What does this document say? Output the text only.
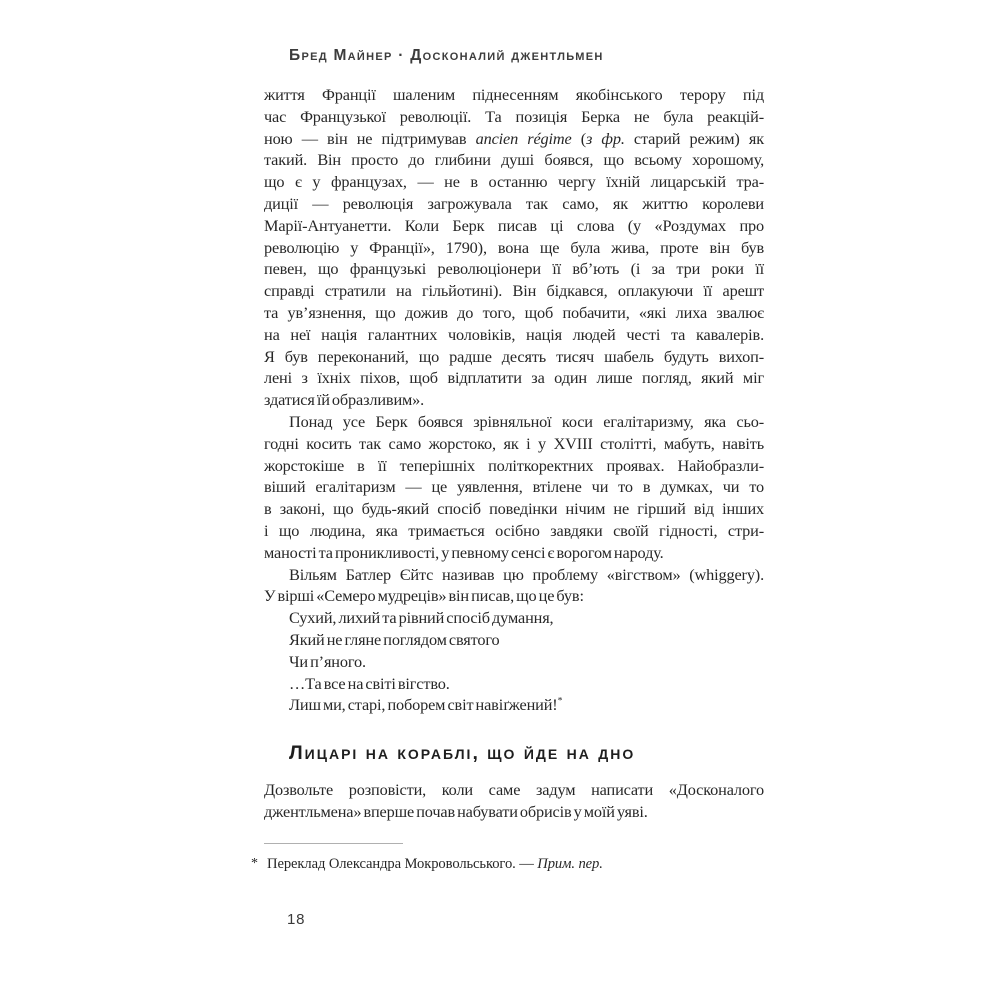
Бред Майнер · Досконалий джентльмен
життя Франції шаленим піднесенням якобінського терору під
час Французької революції. Та позиція Берка не була реакцій-
ною — він не підтримував ancien régime (з фр. старий режим) як
такий. Він просто до глибини душі боявся, що всьому хорошому,
що є у французах, — не в останню чергу їхній лицарській тра-
диції — революція загрожувала так само, як життю королеви
Марії-Антуанетти. Коли Берк писав ці слова (у «Роздумах про
революцію у Франції», 1790), вона ще була жива, проте він був
певен, що французькі революціонери її вб’ють (і за три роки її
справді стратили на гільйотині). Він бідкався, оплакуючи її арешт
та ув’язнення, що дожив до того, щоб побачити, «які лиха звалює
на неї нація галантних чоловіків, нація людей честі та кавалерів.
Я був переконаний, що радше десять тисяч шабель будуть вихоп-
лені з їхніх піхов, щоб відплатити за один лише погляд, який міг
здатися їй образливим».
Понад усе Берк боявся зрівняльної коси егалітаризму, яка сьо-
годні косить так само жорстоко, як і у XVIII столітті, мабуть, навіть
жорстокіше в її теперішніх політкоректних проявах. Найобразли-
віший егалітаризм — це уявлення, втілене чи то в думках, чи то
в законі, що будь-який спосіб поведінки нічим не гірший від інших
і що людина, яка тримається осібно завдяки своїй гідності, стри-
маності та проникливості, у певному сенсі є ворогом народу.
Вільям Батлер Єйтс називав цю проблему «вігством» (whiggery).
У вірші «Семеро мудреців» він писав, що це був:
Сухий, лихий та рівний спосіб думання,
Який не гляне поглядом святого
Чи п’яного.
…Та все на світі вігство.
Лиш ми, старі, поборем світ навіґжений!*
Лицарі на кораблі, що йде на дно
Дозвольте розповісти, коли саме задум написати «Досконалого
джентльмена» вперше почав набувати обрисів у моїй уяві.
* Переклад Олександра Мокровольського. — Прим. пер.
18
